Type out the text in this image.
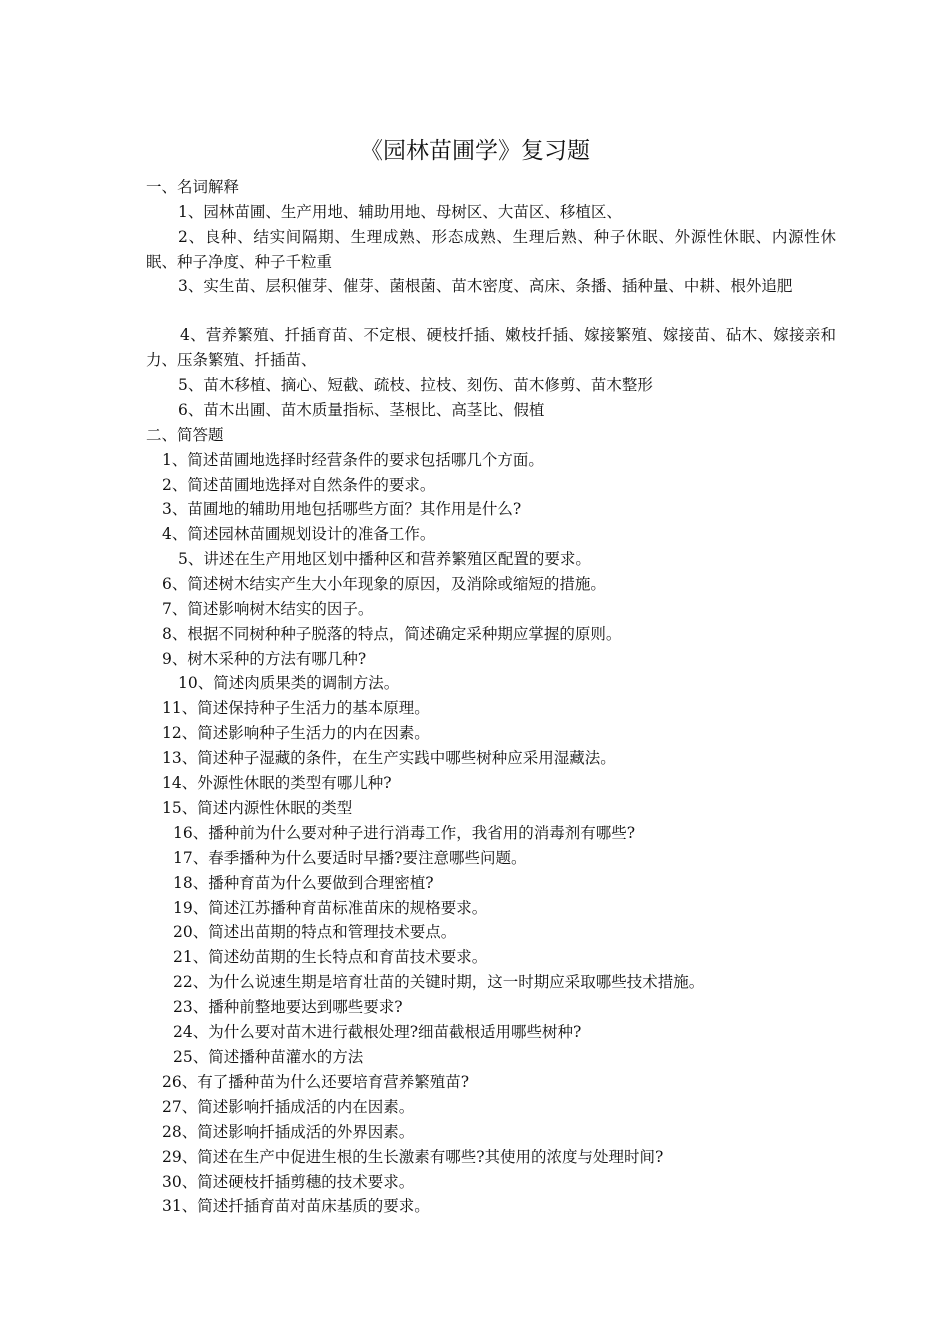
《园林苗圃学》复习题
一、名词解释
1、园林苗圃、生产用地、辅助用地、母树区、大苗区、移植区、
2、良种、结实间隔期、生理成熟、形态成熟、生理后熟、种子休眠、外源性休眠、内源性休眠、种子净度、种子千粒重
3、实生苗、层积催芽、催芽、菌根菌、苗木密度、高床、条播、插种量、中耕、根外追肥
4、营养繁殖、扦插育苗、不定根、硬枝扦插、嫩枝扦插、嫁接繁殖、嫁接苗、砧木、嫁接亲和力、压条繁殖、扦插苗、
5、苗木移植、摘心、短截、疏枝、拉枝、刻伤、苗木修剪、苗木整形
6、苗木出圃、苗木质量指标、茎根比、高茎比、假植
二、简答题
1、简述苗圃地选择时经营条件的要求包括哪几个方面。
2、简述苗圃地选择对自然条件的要求。
3、苗圃地的辅助用地包括哪些方面？其作用是什么?
4、简述园林苗圃规划设计的准备工作。
5、讲述在生产用地区划中播种区和营养繁殖区配置的要求。
6、简述树木结实产生大小年现象的原因，及消除或缩短的措施。
7、简述影响树木结实的因子。
8、根据不同树种种子脱落的特点，简述确定采种期应掌握的原则。
9、树木采种的方法有哪几种?
10、简述肉质果类的调制方法。
11、简述保持种子生活力的基本原理。
12、简述影响种子生活力的内在因素。
13、简述种子湿藏的条件，在生产实践中哪些树种应采用湿藏法。
14、外源性休眠的类型有哪儿种?
15、简述内源性休眠的类型
16、播种前为什么要对种子进行消毒工作，我省用的消毒剂有哪些?
17、春季播种为什么要适时早播?要注意哪些问题。
18、播种育苗为什么要做到合理密植?
19、简述江苏播种育苗标准苗床的规格要求。
20、简述出苗期的特点和管理技术要点。
21、简述幼苗期的生长特点和育苗技术要求。
22、为什么说速生期是培育壮苗的关键时期，这一时期应采取哪些技术措施。
23、播种前整地要达到哪些要求?
24、为什么要对苗木进行截根处理?细苗截根适用哪些树种?
25、简述播种苗灌水的方法
26、有了播种苗为什么还要培育营养繁殖苗?
27、简述影响扦插成活的内在因素。
28、简述影响扦插成活的外界因素。
29、简述在生产中促进生根的生长激素有哪些?其使用的浓度与处理时间?
30、简述硬枝扦插剪穗的技术要求。
31、简述扦插育苗对苗床基质的要求。
